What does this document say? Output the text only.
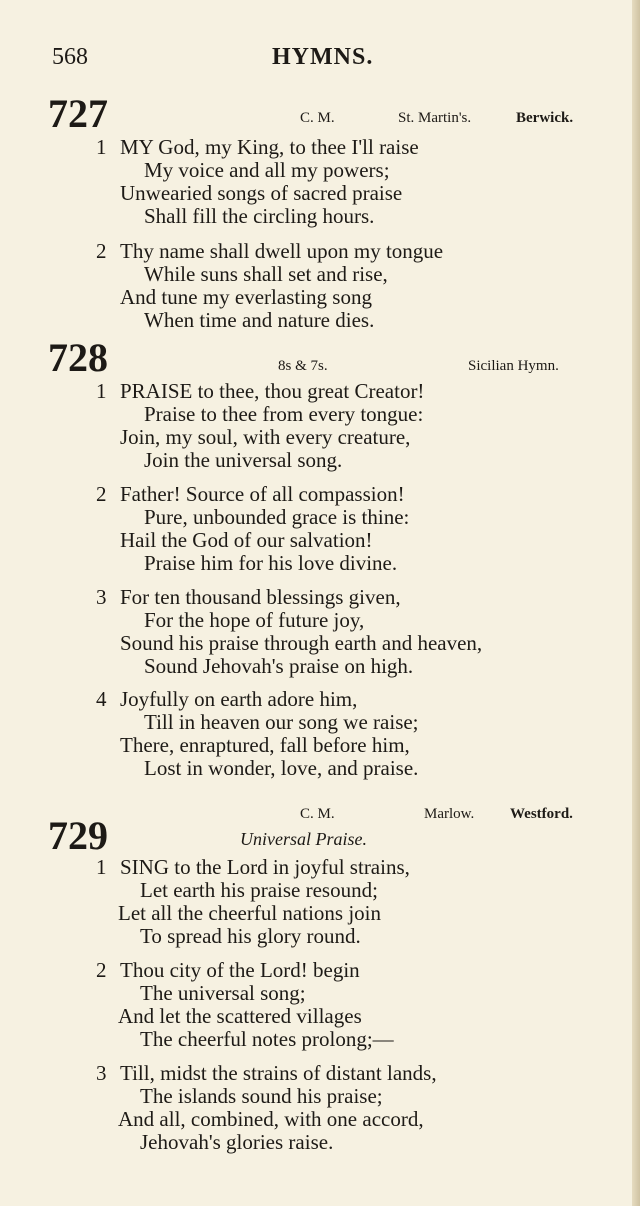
568	HYMNS.
727	C. M.	St. Martin's.	Berwick.
1 MY God, my King, to thee I'll raise
My voice and all my powers;
Unwearied songs of sacred praise
Shall fill the circling hours.
2 Thy name shall dwell upon my tongue
While suns shall set and rise,
And tune my everlasting song
When time and nature dies.
728	8s & 7s.	Sicilian Hymn.
1 PRAISE to thee, thou great Creator!
Praise to thee from every tongue:
Join, my soul, with every creature,
Join the universal song.
2 Father! Source of all compassion!
Pure, unbounded grace is thine:
Hail the God of our salvation!
Praise him for his love divine.
3 For ten thousand blessings given,
For the hope of future joy,
Sound his praise through earth and heaven,
Sound Jehovah's praise on high.
4 Joyfully on earth adore him,
Till in heaven our song we raise;
There, enraptured, fall before him,
Lost in wonder, love, and praise.
C. M.	Marlow. Westford.
729	Universal Praise.
1 SING to the Lord in joyful strains,
Let earth his praise resound;
Let all the cheerful nations join
To spread his glory round.
2 Thou city of the Lord! begin
The universal song;
And let the scattered villages
The cheerful notes prolong;—
3 Till, midst the strains of distant lands,
The islands sound his praise;
And all, combined, with one accord,
Jehovah's glories raise.
